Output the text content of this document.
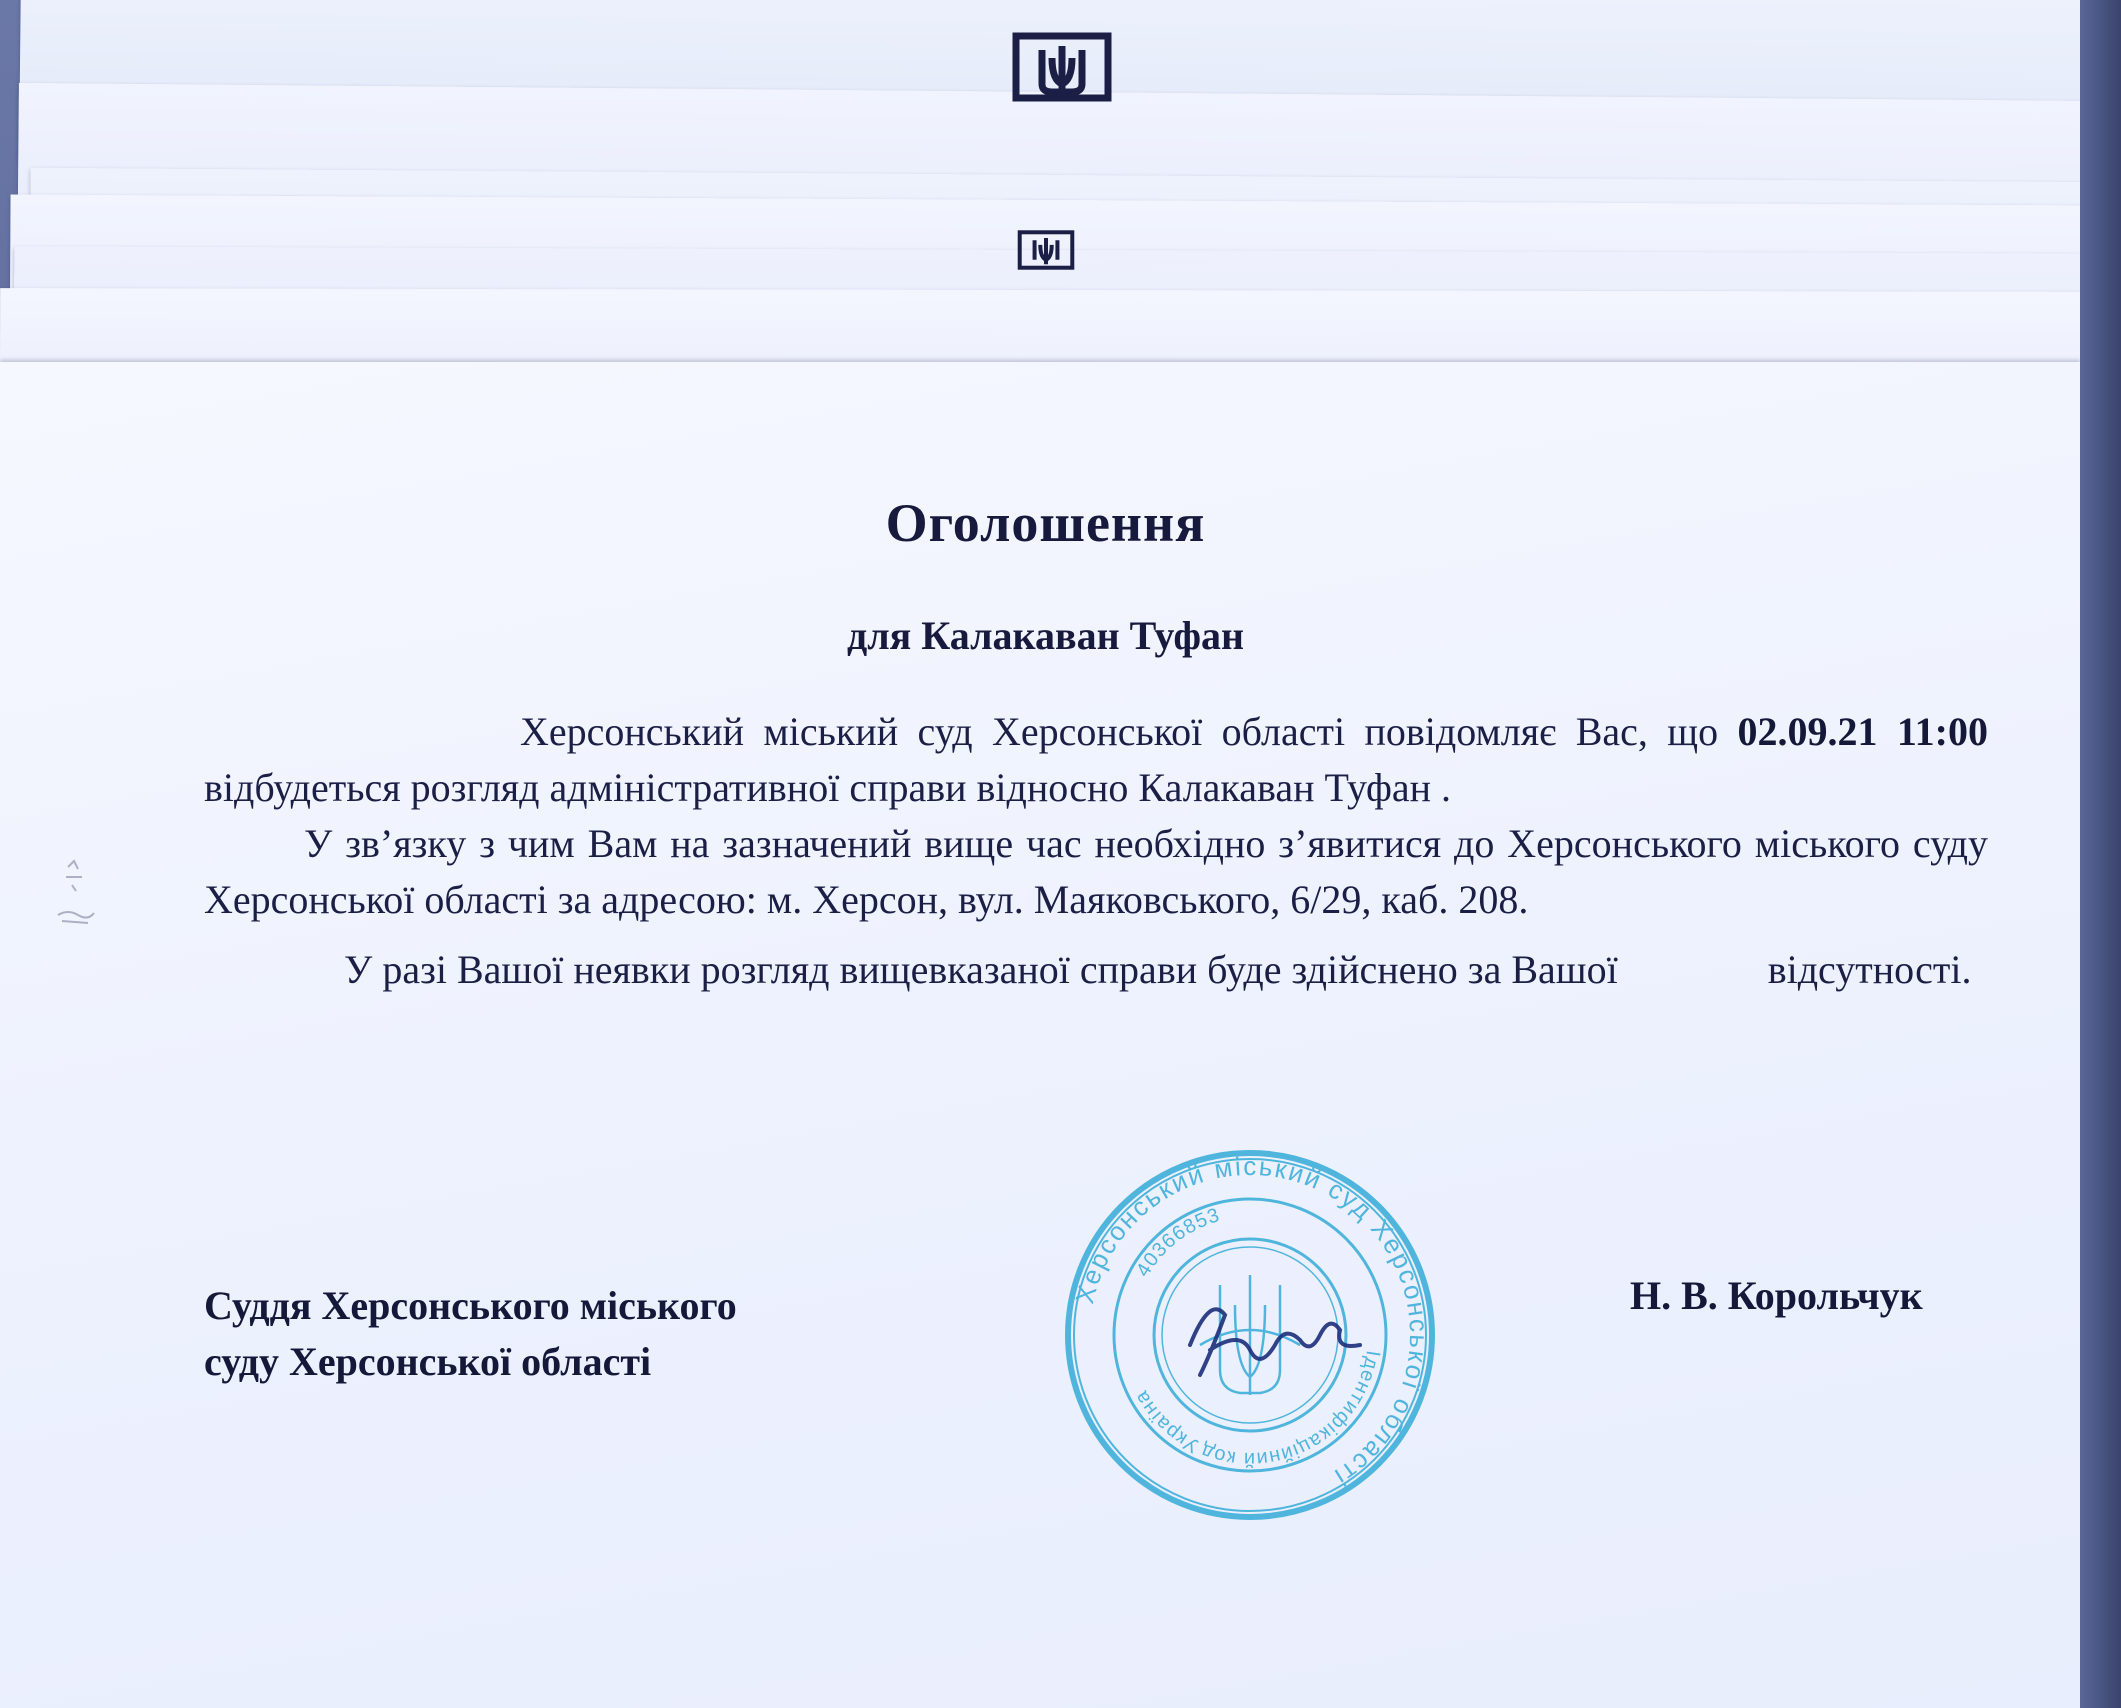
Оголошення
для Калакаван Туфан

Херсонський міський суд Херсонської області повідомляє Вас, що 02.09.21 11:00 відбудеться розгляд адміністративної справи відносно Калакаван Туфан .

У зв’язку з чим Вам на зазначений вище час необхідно з’явитися до Херсонського міського суду Херсонської області за адресою: м. Херсон, вул. Маяковського, 6/29, каб. 208.

У разі Вашої неявки розгляд вищевказаної справи буде здійснено за Вашої	відсутності.

Суддя Херсонського міського
суду Херсонської області
Н. В. Корольчук
Херсонський міський суд Херсонської області
Ідентифікаційний код
40366853
Україна
